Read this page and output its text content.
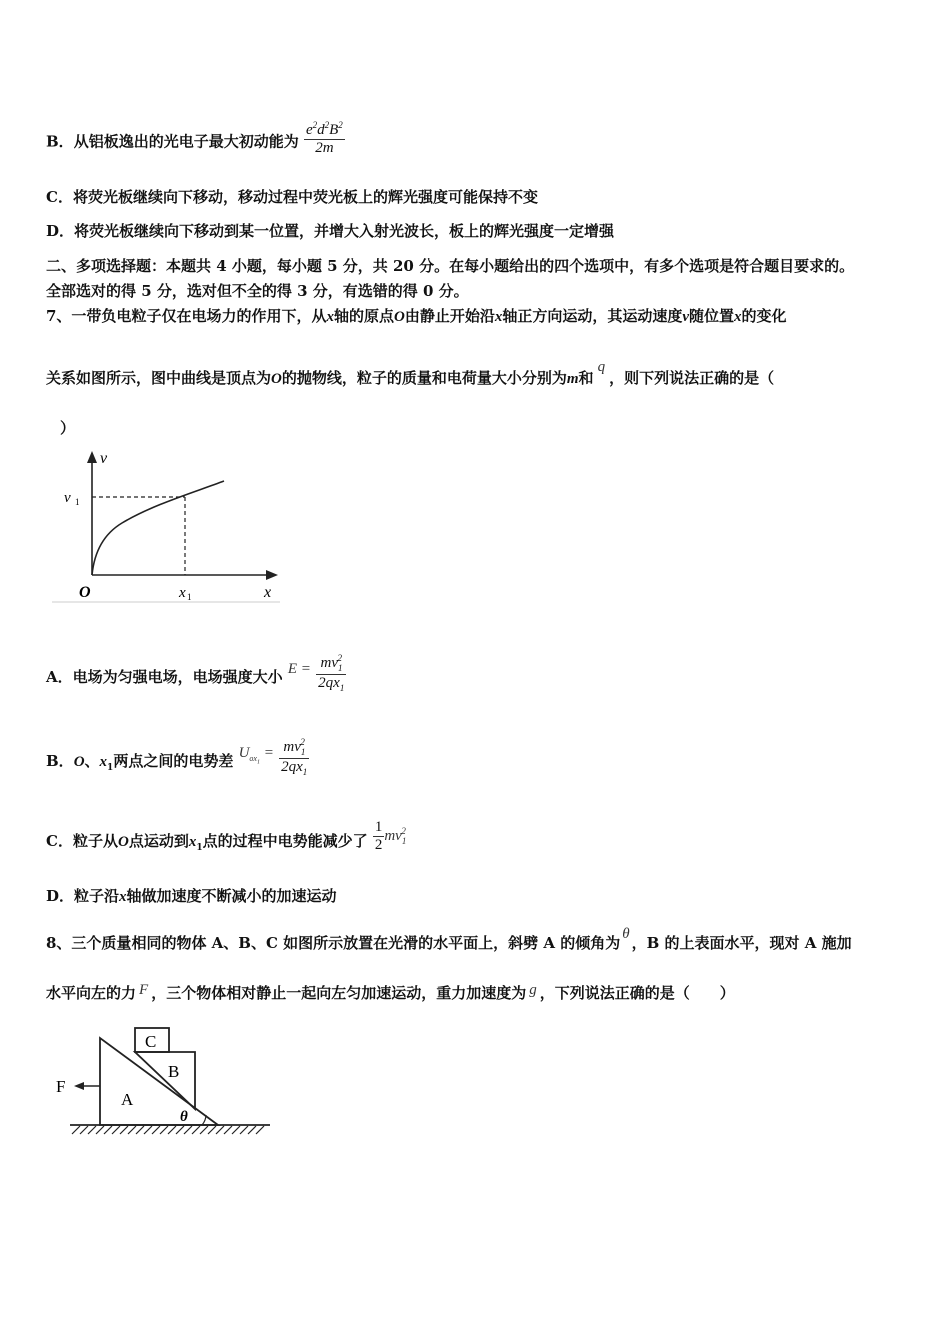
B．从铝板逸出的光电子最大初动能为 $\frac{e^2d^2B^2}{2m}$
C．将荧光板继续向下移动，移动过程中荧光板上的辉光强度可能保持不变
D．将荧光板继续向下移动到某一位置，并增大入射光波长，板上的辉光强度一定增强
二、多项选择题：本题共 4 小题，每小题 5 分，共 20 分。在每小题给出的四个选项中，有多个选项是符合题目要求的。
全部选对的得 5 分，选对但不全的得 3 分，有选错的得 0 分。
7、一带负电粒子仅在电场力的作用下，从x轴的原点O由静止开始沿x轴正方向运动，其运动速度v随位置x的变化
关系如图所示，图中曲线是顶点为O的抛物线，粒子的质量和电荷量大小分别为m和q，则下列说法正确的是（
）
v
x
O
v 1
x 1
A．电场为匀强电场，电场强度大小 $E = \frac{mv_1^2}{2qx_1}$
B．O、$x_1$两点之间的电势差 $U_{ox_1} = \frac{mv_1^2}{2qx_1}$
C．粒子从O点运动到$x_1$点的过程中电势能减少了 $\frac{1}{2} mv_1^2$
D．粒子沿x轴做加速度不断减小的加速运动
8、三个质量相同的物体 A、B、C 如图所示放置在光滑的水平面上，斜劈 A 的倾角为 θ ，B 的上表面水平，现对 A 施加
水平向左的力 F ，三个物体相对静止一起向左匀加速运动，重力加速度为 g ，下列说法正确的是（　　）
C
B
A
F
θ
